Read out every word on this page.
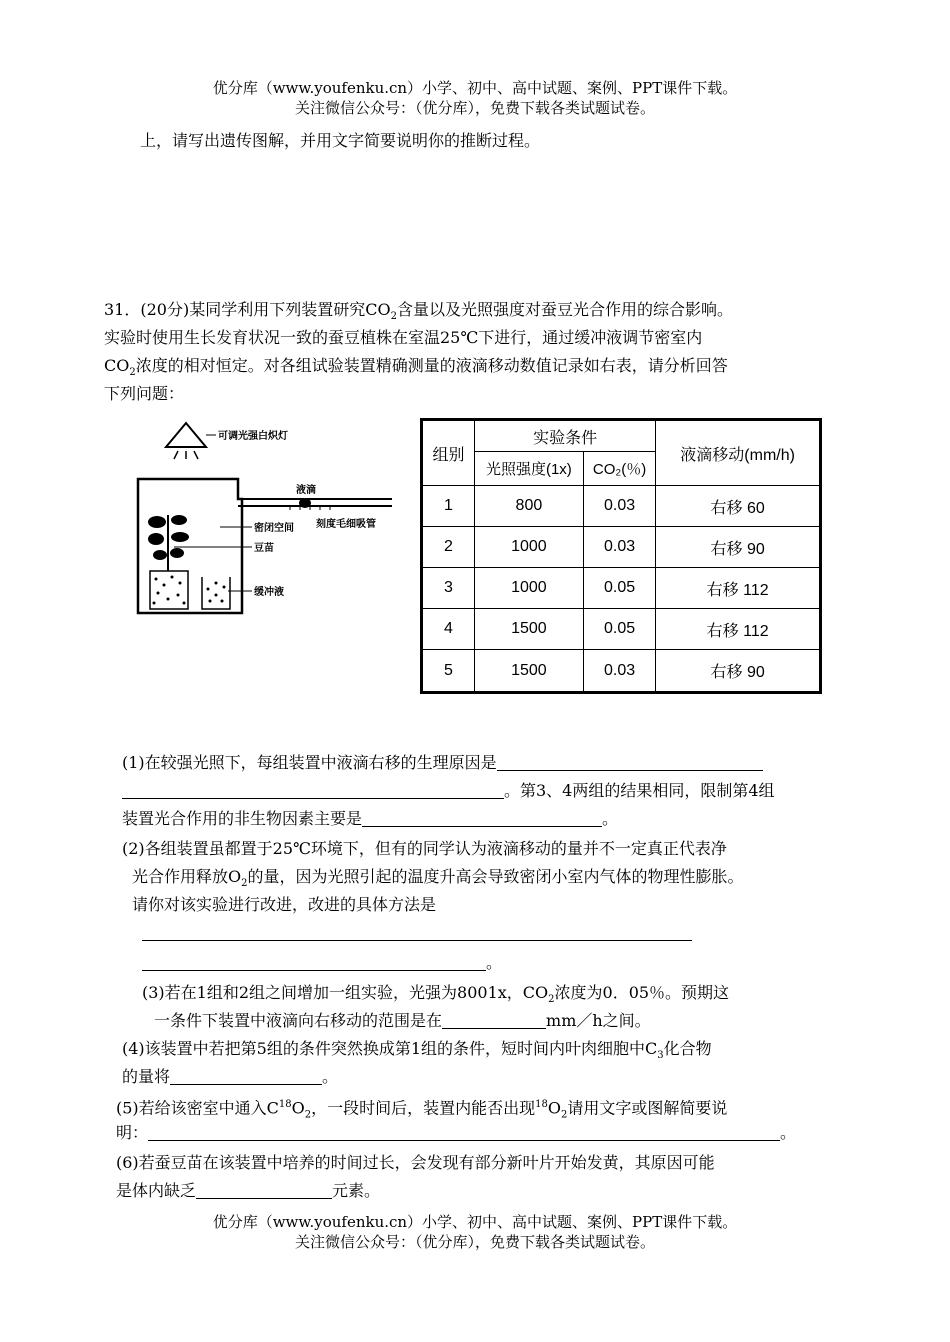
优分库（www.youfenku.cn）小学、初中、高中试题、案例、PPT课件下载。
关注微信公众号：（优分库），免费下载各类试题试卷。
上，请写出遗传图解，并用文字简要说明你的推断过程。
31．(20分)某同学利用下列装置研究$CO_2$含量以及光照强度对蚕豆光合作用的综合影响。
实验时使用生长发育状况一致的蚕豆植株在室温25℃下进行，通过缓冲液调节密室内
$CO_2$浓度的相对恒定。对各组试验装置精确测量的液滴移动数值记录如右表，请分析回答
下列问题：
可调光强白炽灯
液滴
刻度毛细吸管
密闭空间
豆苗
缓冲液
组别	实验条件		液滴移动(mm/h)
	光照强度(1x)	CO₂(％)	
1	800	0.03	右移 60
2	1000	0.03	右移 90
3	1000	0.05	右移 112
4	1500	0.05	右移 112
5	1500	0.03	右移 90
(1)在较强光照下，每组装置中液滴右移的生理原因是
。第3、4两组的结果相同，限制第4组
装置光合作用的非生物因素主要是	。
(2)各组装置虽都置于25℃环境下，但有的同学认为液滴移动的量并不一定真正代表净
光合作用释放$O_2$的量，因为光照引起的温度升高会导致密闭小室内气体的物理性膨胀。
请你对该实验进行改进，改进的具体方法是
。
(3)若在1组和2组之间增加一组实验，光强为8001x，$CO_2$浓度为0．05％。预期这
一条件下装置中液滴向右移动的范围是在	mm／h之间。
(4)该装置中若把第5组的条件突然换成第1组的条件，短时间内叶肉细胞中$C_3$化合物
的量将	。
(5)若给该密室中通入$C^{18}O_2$，一段时间后，装置内能否出现$^{18}O_2$请用文字或图解简要说
明：	。
(6)若蚕豆苗在该装置中培养的时间过长，会发现有部分新叶片开始发黄，其原因可能
是体内缺乏	元素。
优分库（www.youfenku.cn）小学、初中、高中试题、案例、PPT课件下载。
关注微信公众号：（优分库），免费下载各类试题试卷。
